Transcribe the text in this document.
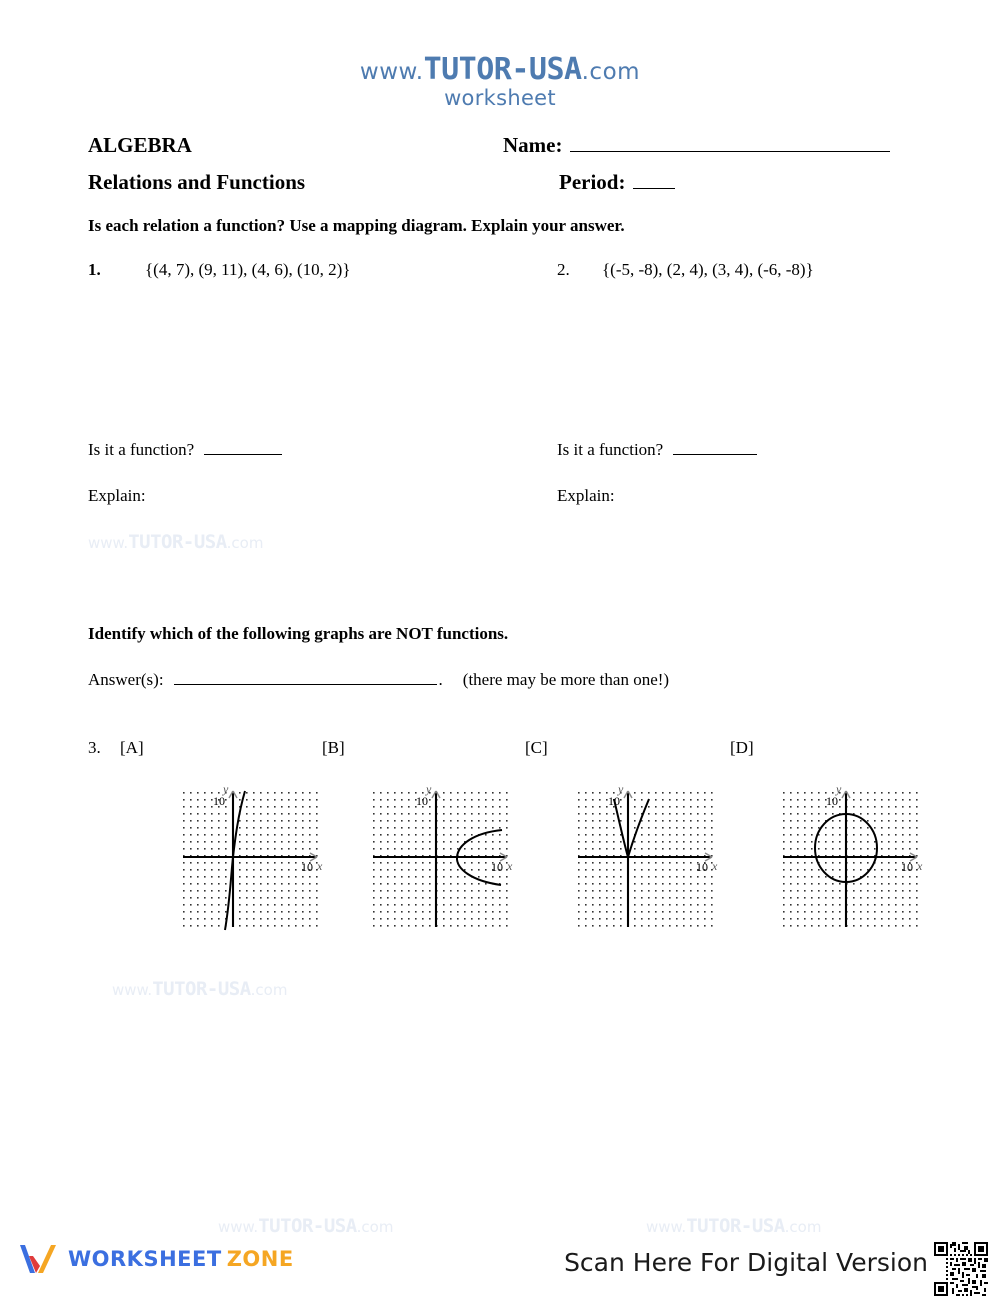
www.TUTOR-USA.com
worksheet
ALGEBRA	Name:
Relations and Functions	Period:
Is each relation a function? Use a mapping diagram. Explain your answer.
1.	{(4, 7), (9, 11), (4, 6), (10, 2)}
Is it a function?
Explain:
2. {(-5, -8), (2, 4), (3, 4), (-6, -8)}
Is it a function?
Explain:
www.TUTOR-USA.com
Identify which of the following graphs are NOT functions.
Answer(s):	. (there may be more than one!)
3. [A]	[B]	[C]	[D]
10
10
y
x
10
10
y
x
10
10
y
x
10
10
y
x
www.TUTOR-USA.com
www.TUTOR-USA.com	www.TUTOR-USA.com
WORKSHEET ZONE	Scan Here For Digital Version
